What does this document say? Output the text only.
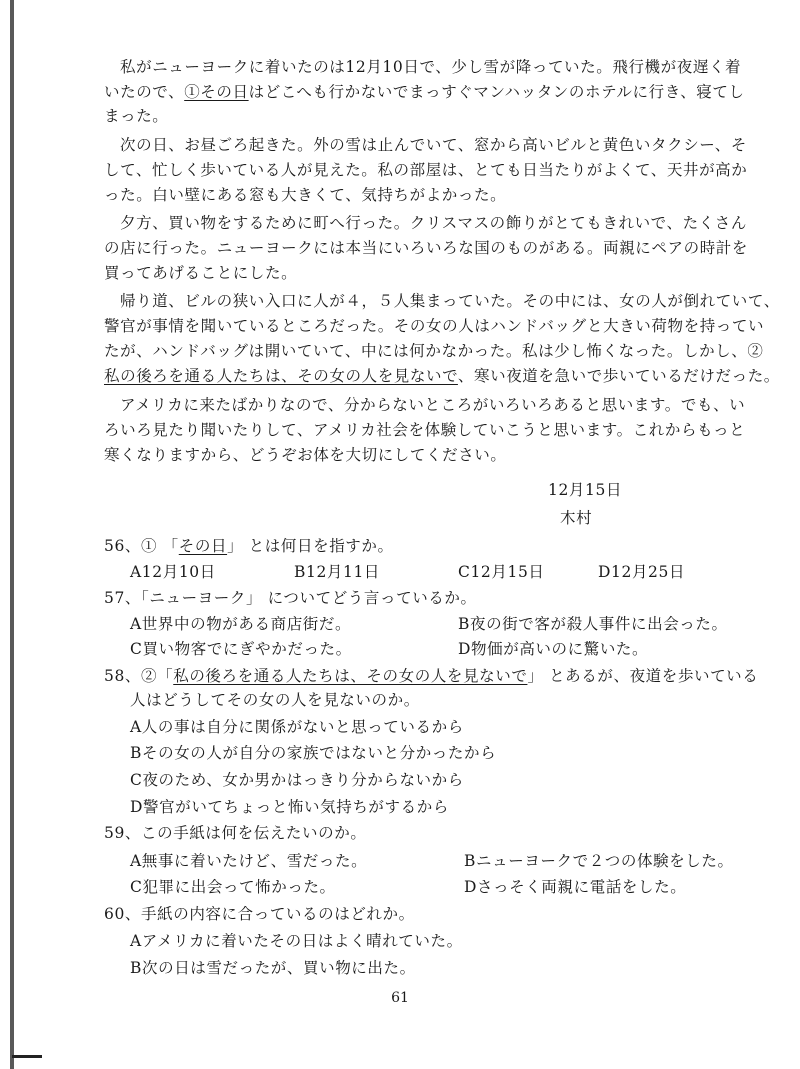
私がニューヨークに着いたのは12月10日で、少し雪が降っていた。飛行機が夜遅く着
いたので、①その日はどこへも行かないでまっすぐマンハッタンのホテルに行き、寝てし
まった。
次の日、お昼ごろ起きた。外の雪は止んでいて、窓から高いビルと黄色いタクシー、そ
して、忙しく歩いている人が見えた。私の部屋は、とても日当たりがよくて、天井が高か
った。白い壁にある窓も大きくて、気持ちがよかった。
夕方、買い物をするために町へ行った。クリスマスの飾りがとてもきれいで、たくさん
の店に行った。ニューヨークには本当にいろいろな国のものがある。両親にペアの時計を
買ってあげることにした。
帰り道、ビルの狭い入口に人が４，５人集まっていた。その中には、女の人が倒れていて、
警官が事情を聞いているところだった。その女の人はハンドバッグと大きい荷物を持ってい
たが、ハンドバッグは開いていて、中には何かなかった。私は少し怖くなった。しかし、②
私の後ろを通る人たちは、その女の人を見ないで、寒い夜道を急いで歩いているだけだった。
アメリカに来たばかりなので、分からないところがいろいろあると思います。でも、い
ろいろ見たり聞いたりして、アメリカ社会を体験していこうと思います。これからもっと
寒くなりますから、どうぞお体を大切にしてください。
12月15日
木村
56、① 「その日」 とは何日を指すか。
A12月10日	B12月11日	C12月15日	D12月25日
57、「ニューヨーク」 についてどう言っているか。
A世界中の物がある商店街だ。	B夜の街で客が殺人事件に出会った。
C買い物客でにぎやかだった。	D物価が高いのに驚いた。
58、②「私の後ろを通る人たちは、その女の人を見ないで」 とあるが、夜道を歩いている
人はどうしてその女の人を見ないのか。
A人の事は自分に関係がないと思っているから
Bその女の人が自分の家族ではないと分かったから
C夜のため、女か男かはっきり分からないから
D警官がいてちょっと怖い気持ちがするから
59、この手紙は何を伝えたいのか。
A無事に着いたけど、雪だった。	Bニューヨークで２つの体験をした。
C犯罪に出会って怖かった。	Dさっそく両親に電話をした。
60、手紙の内容に合っているのはどれか。
Aアメリカに着いたその日はよく晴れていた。
B次の日は雪だったが、買い物に出た。
61
